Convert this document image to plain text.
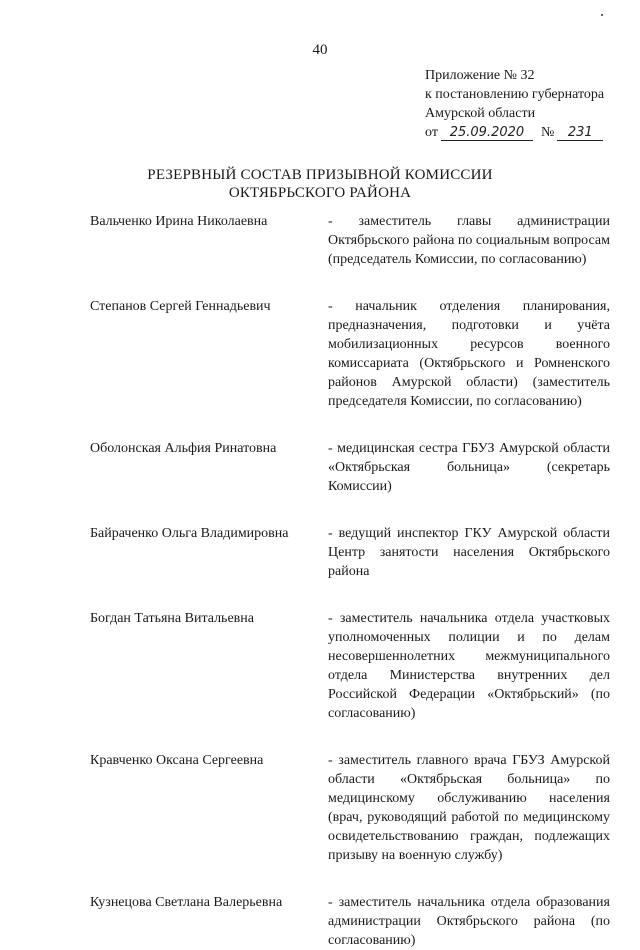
40
Приложение № 32
к постановлению губернатора
Амурской области
от 25.09.2020	№	231
РЕЗЕРВНЫЙ СОСТАВ ПРИЗЫВНОЙ КОМИССИИ
ОКТЯБРЬСКОГО РАЙОНА
Вальченко Ирина Николаевна	- заместитель главы администрации Октябрьского района по социальным вопросам (председатель Комиссии, по согласованию)
Степанов Сергей Геннадьевич	- начальник отделения планирования, предназначения, подготовки и учёта мобилизационных ресурсов военного комиссариата (Октябрьского и Ромненского районов Амурской области) (заместитель председателя Комиссии, по согласованию)
Оболонская Альфия Ринатовна	- медицинская сестра ГБУЗ Амурской области «Октябрьская больница» (секретарь Комиссии)
Байраченко Ольга Владимировна	- ведущий инспектор ГКУ Амурской области Центр занятости населения Октябрьского района
Богдан Татьяна Витальевна	- заместитель начальника отдела участковых уполномоченных полиции и по делам несовершеннолетних межмуниципального отдела Министерства внутренних дел Российской Федерации «Октябрьский» (по согласованию)
Кравченко Оксана Сергеевна	- заместитель главного врача ГБУЗ Амурской области «Октябрьская больница» по медицинскому обслуживанию населения (врач, руководящий работой по медицинскому освидетельствованию граждан, подлежащих призыву на военную службу)
Кузнецова Светлана Валерьевна	- заместитель начальника отдела образования администрации Октябрьского района (по согласованию)
